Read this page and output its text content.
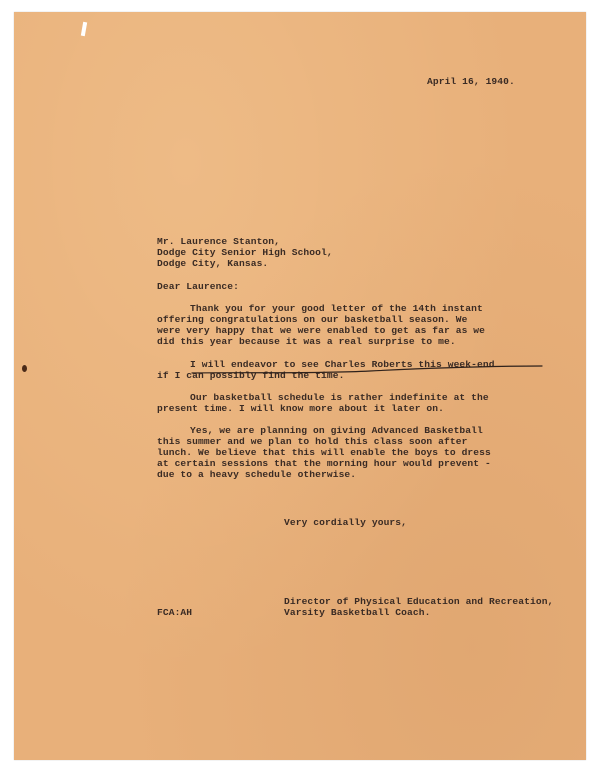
April 16, 1940.

Mr. Laurence Stanton,

Dodge City Senior High School,

Dodge City, Kansas.

Dear Laurence:

Thank you for your good letter of the 14th instant

offering congratulations on our basketball season. We

were very happy that we were enabled to get as far as we

did this year because it was a real surprise to me.

I will endeavor to see Charles Roberts this week-end

if I can possibly find the time.

Our basketball schedule is rather indefinite at the

present time. I will know more about it later on.

Yes, we are planning on giving Advanced Basketball

this summer and we plan to hold this class soon after

lunch. We believe that this will enable the boys to dress

at certain sessions that the morning hour would prevent -

due to a heavy schedule otherwise.

Very cordially yours,

Director of Physical Education and Recreation,

Varsity Basketball Coach.

FCA:AH
